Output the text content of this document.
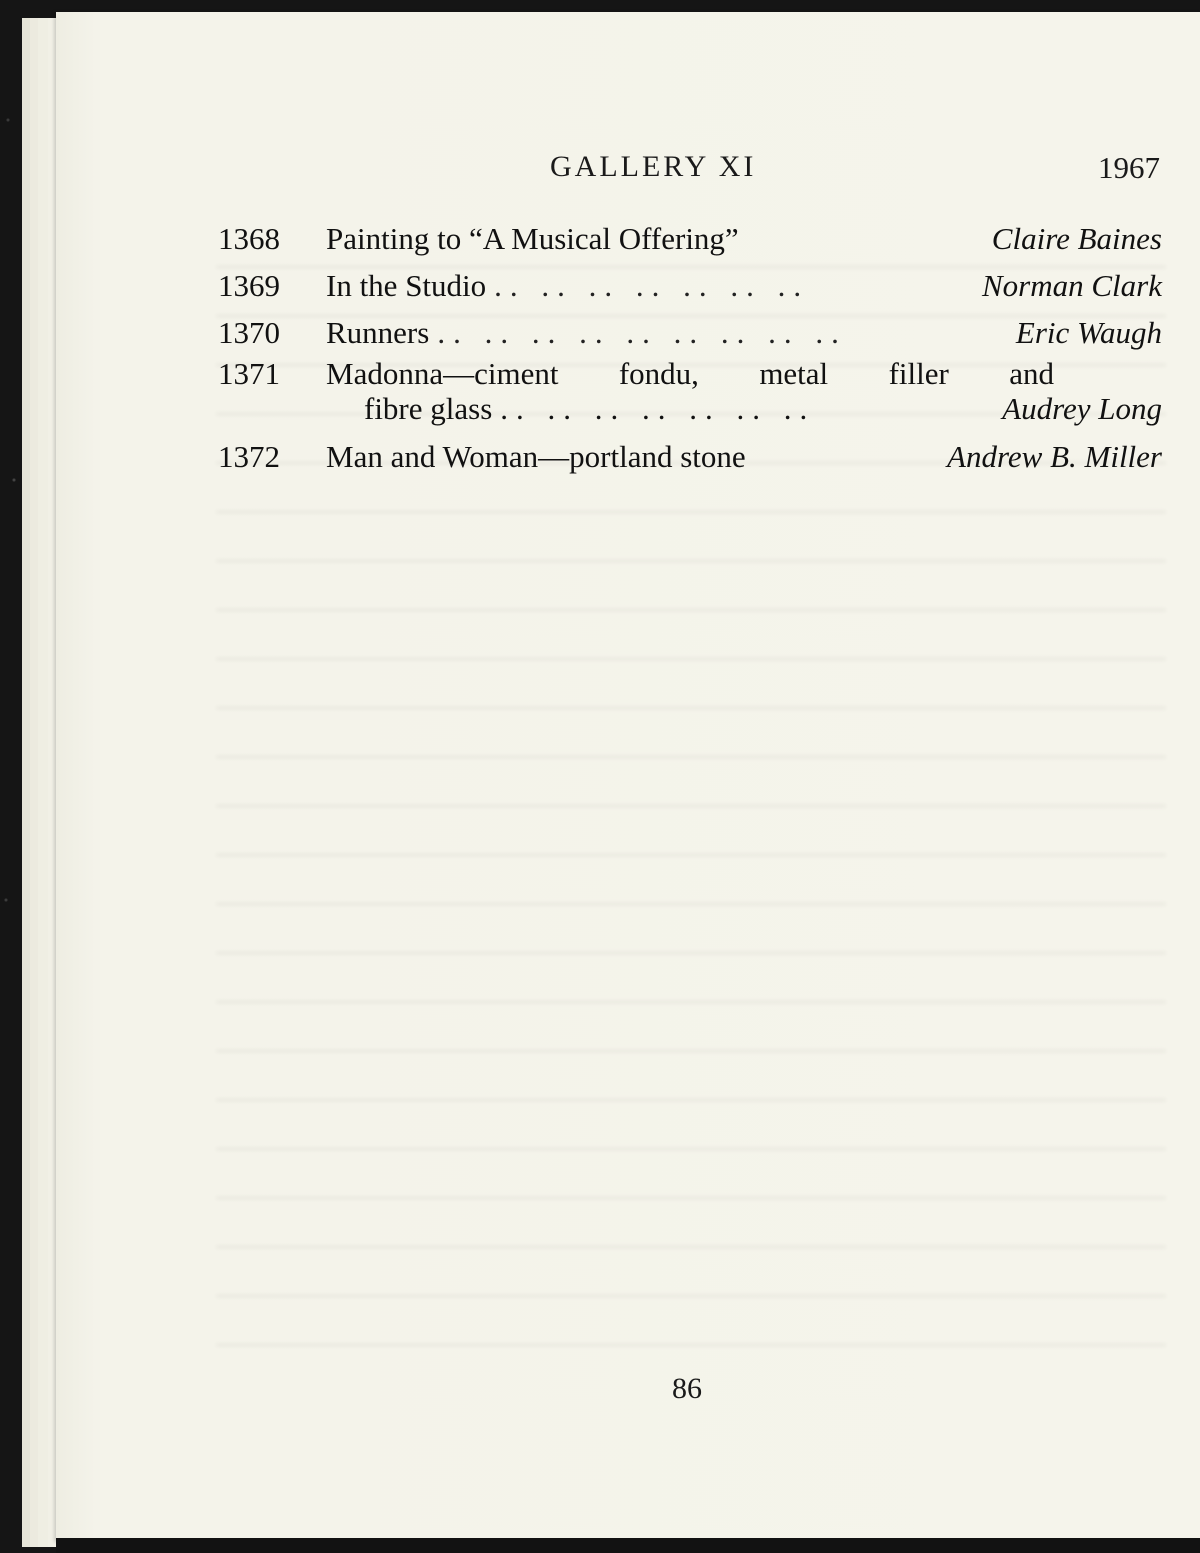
GALLERY XI	1967
1368	Painting to “A Musical Offering”	Claire Baines
1369	In the Studio .. .. .. .. .. .. ..	Norman Clark
1370	Runners .. .. .. .. .. .. .. .. ..	Eric Waugh
1371	Madonna—ciment fondu, metal filler and
fibre glass .. .. .. .. .. .. ..	Audrey Long
1372	Man and Woman—portland stone	Andrew B. Miller
86
